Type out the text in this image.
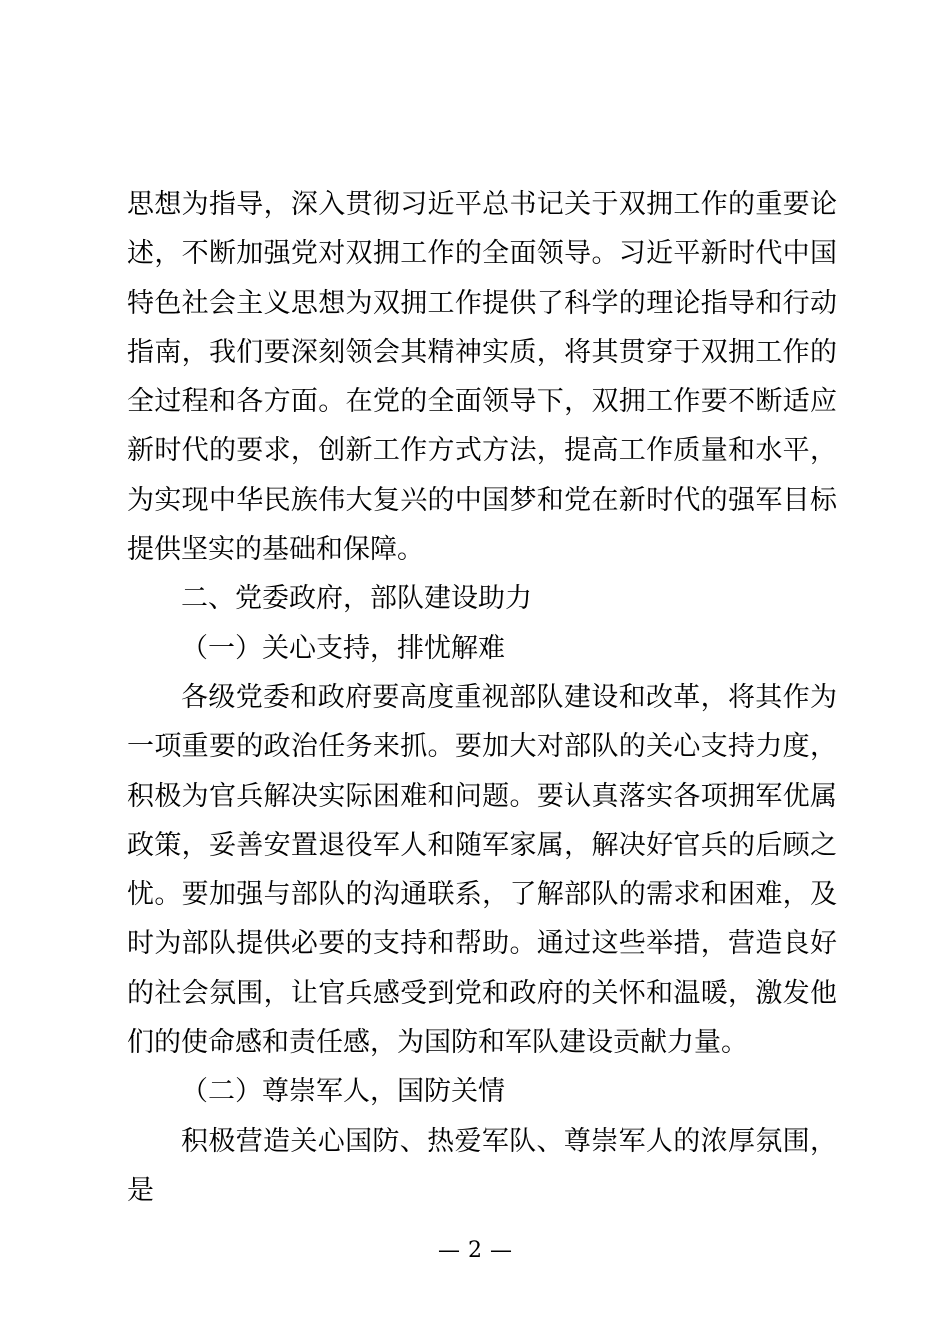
思想为指导，深入贯彻习近平总书记关于双拥工作的重要论述，不断加强党对双拥工作的全面领导。习近平新时代中国特色社会主义思想为双拥工作提供了科学的理论指导和行动指南，我们要深刻领会其精神实质，将其贯穿于双拥工作的全过程和各方面。在党的全面领导下，双拥工作要不断适应新时代的要求，创新工作方式方法，提高工作质量和水平，为实现中华民族伟大复兴的中国梦和党在新时代的强军目标提供坚实的基础和保障。

二、党委政府，部队建设助力

（一）关心支持，排忧解难

各级党委和政府要高度重视部队建设和改革，将其作为一项重要的政治任务来抓。要加大对部队的关心支持力度，积极为官兵解决实际困难和问题。要认真落实各项拥军优属政策，妥善安置退役军人和随军家属，解决好官兵的后顾之忧。要加强与部队的沟通联系，了解部队的需求和困难，及时为部队提供必要的支持和帮助。通过这些举措，营造良好的社会氛围，让官兵感受到党和政府的关怀和温暖，激发他们的使命感和责任感，为国防和军队建设贡献力量。

（二）尊崇军人，国防关情

积极营造关心国防、热爱军队、尊崇军人的浓厚氛围，是

— 2 —
